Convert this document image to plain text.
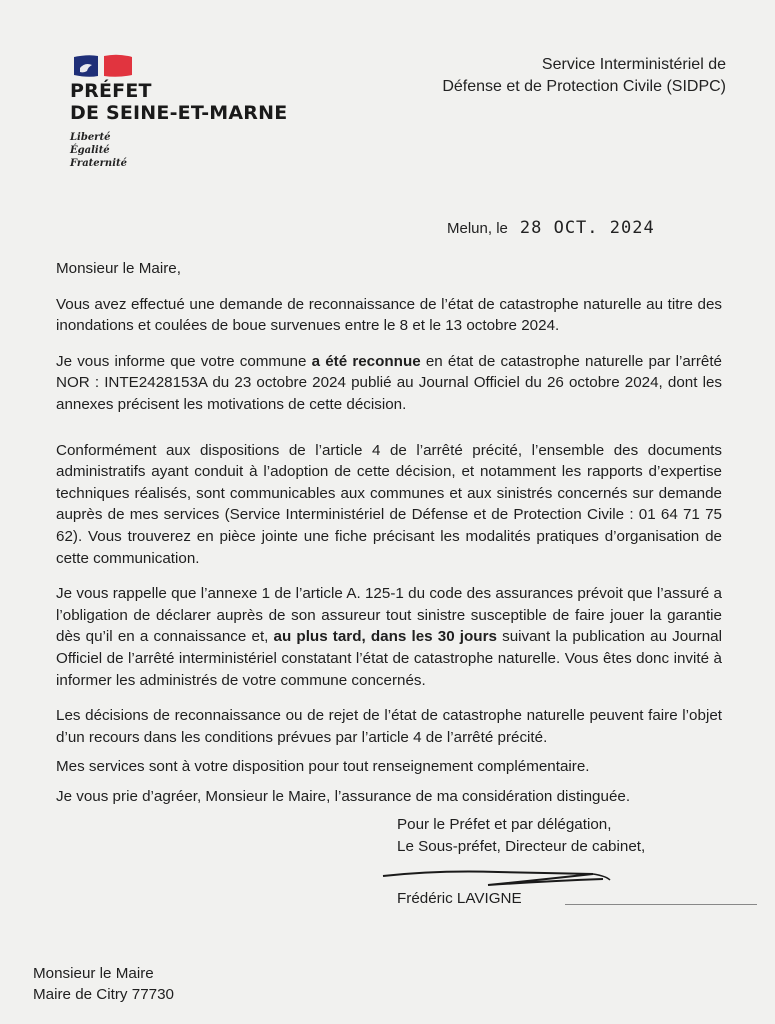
PRÉFET
DE SEINE-ET-MARNE
Liberté
Égalité
Fraternité
Service Interministériel de
Défense et de Protection Civile (SIDPC)
Melun, le 28 OCT. 2024

Monsieur le Maire,

Vous avez effectué une demande de reconnaissance de l’état de catastrophe naturelle au titre des inondations et coulées de boue survenues entre le 8 et le 13 octobre 2024.

Je vous informe que votre commune a été reconnue en état de catastrophe naturelle par l’arrêté NOR : INTE2428153A du 23 octobre 2024 publié au Journal Officiel du 26 octobre 2024, dont les annexes précisent les motivations de cette décision.

Conformément aux dispositions de l’article 4 de l’arrêté précité, l’ensemble des documents administratifs ayant conduit à l’adoption de cette décision, et notamment les rapports d’expertise techniques réalisés, sont communicables aux communes et aux sinistrés concernés sur demande auprès de mes services (Service Interministériel de Défense et de Protection Civile : 01 64 71 75 62). Vous trouverez en pièce jointe une fiche précisant les modalités pratiques d’organisation de cette communication.

Je vous rappelle que l’annexe 1 de l’article A. 125-1 du code des assurances prévoit que l’assuré a l’obligation de déclarer auprès de son assureur tout sinistre susceptible de faire jouer la garantie dès qu’il en a connaissance et, au plus tard, dans les 30 jours suivant la publication au Journal Officiel de l’arrêté interministériel constatant l’état de catastrophe naturelle. Vous êtes donc invité à informer les administrés de votre commune concernés.

Les décisions de reconnaissance ou de rejet de l’état de catastrophe naturelle peuvent faire l’objet d’un recours dans les conditions prévues par l’article 4 de l’arrêté précité.

Mes services sont à votre disposition pour tout renseignement complémentaire.

Je vous prie d’agréer, Monsieur le Maire, l’assurance de ma considération distinguée.

Pour le Préfet et par délégation,
Le Sous-préfet, Directeur de cabinet,
Frédéric LAVIGNE
Monsieur le Maire
Maire de Citry 77730
